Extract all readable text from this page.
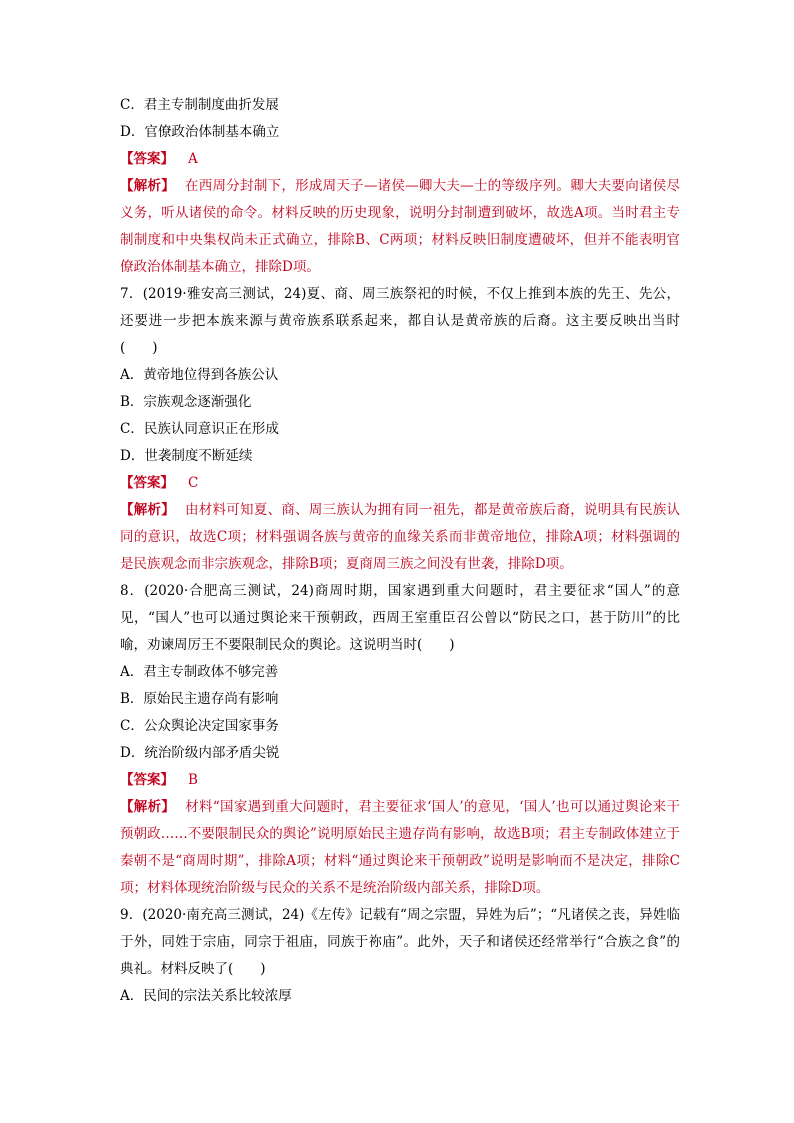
C．君主专制制度曲折发展
D．官僚政治体制基本确立
【答案】 A
【解析】 在西周分封制下，形成周天子—诸侯—卿大夫—士的等级序列。卿大夫要向诸侯尽义务，听从诸侯的命令。材料反映的历史现象，说明分封制遭到破坏，故选A项。当时君主专制制度和中央集权尚未正式确立，排除B、C两项；材料反映旧制度遭破坏，但并不能表明官僚政治体制基本确立，排除D项。
7．(2019·雅安高三测试，24)夏、商、周三族祭祀的时候，不仅上推到本族的先王、先公，还要进一步把本族来源与黄帝族系联系起来，都自认是黄帝族的后裔。这主要反映出当时(　　)
A．黄帝地位得到各族公认
B．宗族观念逐渐强化
C．民族认同意识正在形成
D．世袭制度不断延续
【答案】 C
【解析】 由材料可知夏、商、周三族认为拥有同一祖先，都是黄帝族后裔，说明具有民族认同的意识，故选C项；材料强调各族与黄帝的血缘关系而非黄帝地位，排除A项；材料强调的是民族观念而非宗族观念，排除B项；夏商周三族之间没有世袭，排除D项。
8．(2020·合肥高三测试，24)商周时期，国家遇到重大问题时，君主要征求“国人”的意见，“国人”也可以通过舆论来干预朝政，西周王室重臣召公曾以“防民之口，甚于防川”的比喻，劝谏周厉王不要限制民众的舆论。这说明当时(　　)
A．君主专制政体不够完善
B．原始民主遗存尚有影响
C．公众舆论决定国家事务
D．统治阶级内部矛盾尖锐
【答案】 B
【解析】 材料“国家遇到重大问题时，君主要征求‘国人’的意见，‘国人’也可以通过舆论来干预朝政……不要限制民众的舆论”说明原始民主遗存尚有影响，故选B项；君主专制政体建立于秦朝不是“商周时期”，排除A项；材料“通过舆论来干预朝政”说明是影响而不是决定，排除C项；材料体现统治阶级与民众的关系不是统治阶级内部关系，排除D项。
9．(2020·南充高三测试，24)《左传》记载有“周之宗盟，异姓为后”；“凡诸侯之丧，异姓临于外，同姓于宗庙，同宗于祖庙，同族于祢庙”。此外，天子和诸侯还经常举行“合族之食”的典礼。材料反映了(　　)
A．民间的宗法关系比较浓厚
